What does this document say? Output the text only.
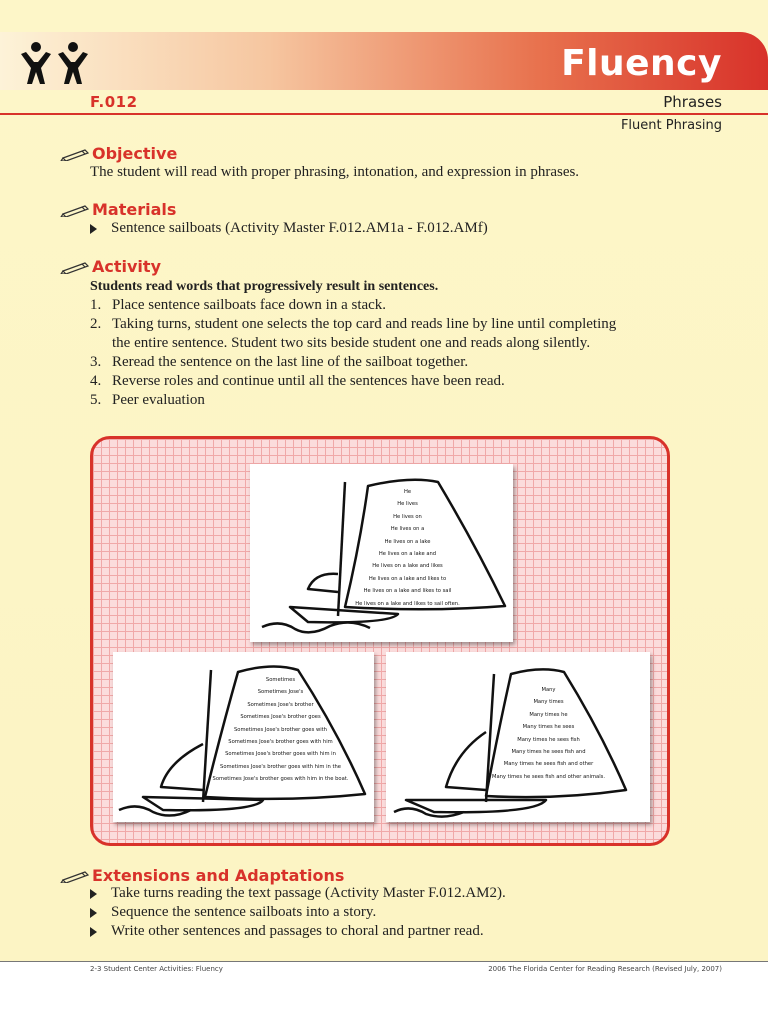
Fluency
F.012	Phrases
Fluent Phrasing
Objective
The student will read with proper phrasing, intonation, and expression in phrases.
Materials
Sentence sailboats (Activity Master F.012.AM1a - F.012.AMf)
Activity
Students read words that progressively result in sentences.
1. Place sentence sailboats face down in a stack.
2. Taking turns, student one selects the top card and reads line by line until completing the entire sentence. Student two sits beside student one and reads along silently.
3. Reread the sentence on the last line of the sailboat together.
4. Reverse roles and continue until all the sentences have been read.
5. Peer evaluation
He
He lives
He lives on
He lives on a
He lives on a lake
He lives on a lake and
He lives on a lake and likes
He lives on a lake and likes to
He lives on a lake and likes to sail
He lives on a lake and likes to sail often.
Sometimes
Sometimes Jose's
Sometimes Jose's brother
Sometimes Jose's brother goes
Sometimes Jose's brother goes with
Sometimes Jose's brother goes with him
Sometimes Jose's brother goes with him in
Sometimes Jose's brother goes with him in the
Sometimes Jose's brother goes with him in the boat.
Many
Many times
Many times he
Many times he sees
Many times he sees fish
Many times he sees fish and
Many times he sees fish and other
Many times he sees fish and other animals.
Extensions and Adaptations
Take turns reading the text passage (Activity Master F.012.AM2).
Sequence the sentence sailboats into a story.
Write other sentences and passages to choral and partner read.
2-3 Student Center Activities: Fluency	2006 The Florida Center for Reading Research (Revised July, 2007)
